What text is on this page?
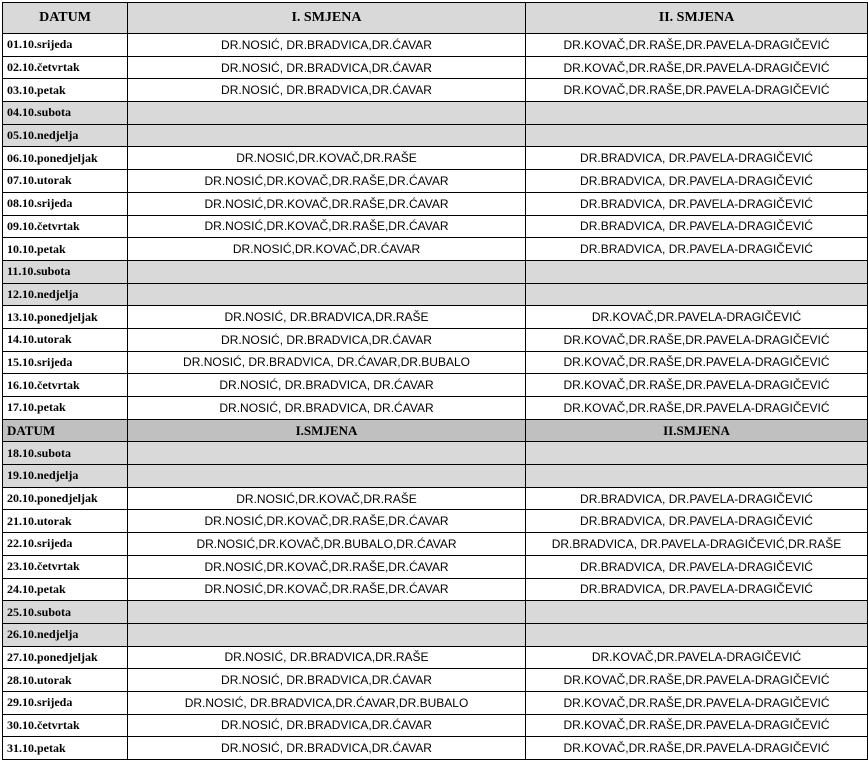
DATUM	I. SMJENA	II. SMJENA
01.10.srijeda	DR.NOSIĆ, DR.BRADVICA,DR.ĆAVAR	DR.KOVAČ,DR.RAŠE,DR.PAVELA-DRAGIČEVIĆ
02.10.četvrtak	DR.NOSIĆ, DR.BRADVICA,DR.ĆAVAR	DR.KOVAČ,DR.RAŠE,DR.PAVELA-DRAGIČEVIĆ
03.10.petak	DR.NOSIĆ, DR.BRADVICA,DR.ĆAVAR	DR.KOVAČ,DR.RAŠE,DR.PAVELA-DRAGIČEVIĆ
04.10.subota		
05.10.nedjelja		
06.10.ponedjeljak	DR.NOSIĆ,DR.KOVAČ,DR.RAŠE	DR.BRADVICA, DR.PAVELA-DRAGIČEVIĆ
07.10.utorak	DR.NOSIĆ,DR.KOVAČ,DR.RAŠE,DR.ĆAVAR	DR.BRADVICA, DR.PAVELA-DRAGIČEVIĆ
08.10.srijeda	DR.NOSIĆ,DR.KOVAČ,DR.RAŠE,DR.ĆAVAR	DR.BRADVICA, DR.PAVELA-DRAGIČEVIĆ
09.10.četvrtak	DR.NOSIĆ,DR.KOVAČ,DR.RAŠE,DR.ĆAVAR	DR.BRADVICA, DR.PAVELA-DRAGIČEVIĆ
10.10.petak	DR.NOSIĆ,DR.KOVAČ,DR.ĆAVAR	DR.BRADVICA, DR.PAVELA-DRAGIČEVIĆ
11.10.subota		
12.10.nedjelja		
13.10.ponedjeljak	DR.NOSIĆ, DR.BRADVICA,DR.RAŠE	DR.KOVAČ,DR.PAVELA-DRAGIČEVIĆ
14.10.utorak	DR.NOSIĆ, DR.BRADVICA,DR.ĆAVAR	DR.KOVAČ,DR.RAŠE,DR.PAVELA-DRAGIČEVIĆ
15.10.srijeda	DR.NOSIĆ, DR.BRADVICA, DR.ĆAVAR,DR.BUBALO	DR.KOVAČ,DR.RAŠE,DR.PAVELA-DRAGIČEVIĆ
16.10.četvrtak	DR.NOSIĆ, DR.BRADVICA, DR.ĆAVAR	DR.KOVAČ,DR.RAŠE,DR.PAVELA-DRAGIČEVIĆ
17.10.petak	DR.NOSIĆ, DR.BRADVICA, DR.ĆAVAR	DR.KOVAČ,DR.RAŠE,DR.PAVELA-DRAGIČEVIĆ
DATUM	I.SMJENA	II.SMJENA
18.10.subota		
19.10.nedjelja		
20.10.ponedjeljak	DR.NOSIĆ,DR.KOVAČ,DR.RAŠE	DR.BRADVICA, DR.PAVELA-DRAGIČEVIĆ
21.10.utorak	DR.NOSIĆ,DR.KOVAČ,DR.RAŠE,DR.ĆAVAR	DR.BRADVICA, DR.PAVELA-DRAGIČEVIĆ
22.10.srijeda	DR.NOSIĆ,DR.KOVAČ,DR.BUBALO,DR.ĆAVAR	DR.BRADVICA, DR.PAVELA-DRAGIČEVIĆ,DR.RAŠE
23.10.četvrtak	DR.NOSIĆ,DR.KOVAČ,DR.RAŠE,DR.ĆAVAR	DR.BRADVICA, DR.PAVELA-DRAGIČEVIĆ
24.10.petak	DR.NOSIĆ,DR.KOVAČ,DR.RAŠE,DR.ĆAVAR	DR.BRADVICA, DR.PAVELA-DRAGIČEVIĆ
25.10.subota		
26.10.nedjelja		
27.10.ponedjeljak	DR.NOSIĆ, DR.BRADVICA,DR.RAŠE	DR.KOVAČ,DR.PAVELA-DRAGIČEVIĆ
28.10.utorak	DR.NOSIĆ, DR.BRADVICA,DR.ĆAVAR	DR.KOVAČ,DR.RAŠE,DR.PAVELA-DRAGIČEVIĆ
29.10.srijeda	DR.NOSIĆ, DR.BRADVICA,DR.ĆAVAR,DR.BUBALO	DR.KOVAČ,DR.RAŠE,DR.PAVELA-DRAGIČEVIĆ
30.10.četvrtak	DR.NOSIĆ, DR.BRADVICA,DR.ĆAVAR	DR.KOVAČ,DR.RAŠE,DR.PAVELA-DRAGIČEVIĆ
31.10.petak	DR.NOSIĆ, DR.BRADVICA,DR.ĆAVAR	DR.KOVAČ,DR.RAŠE,DR.PAVELA-DRAGIČEVIĆ
